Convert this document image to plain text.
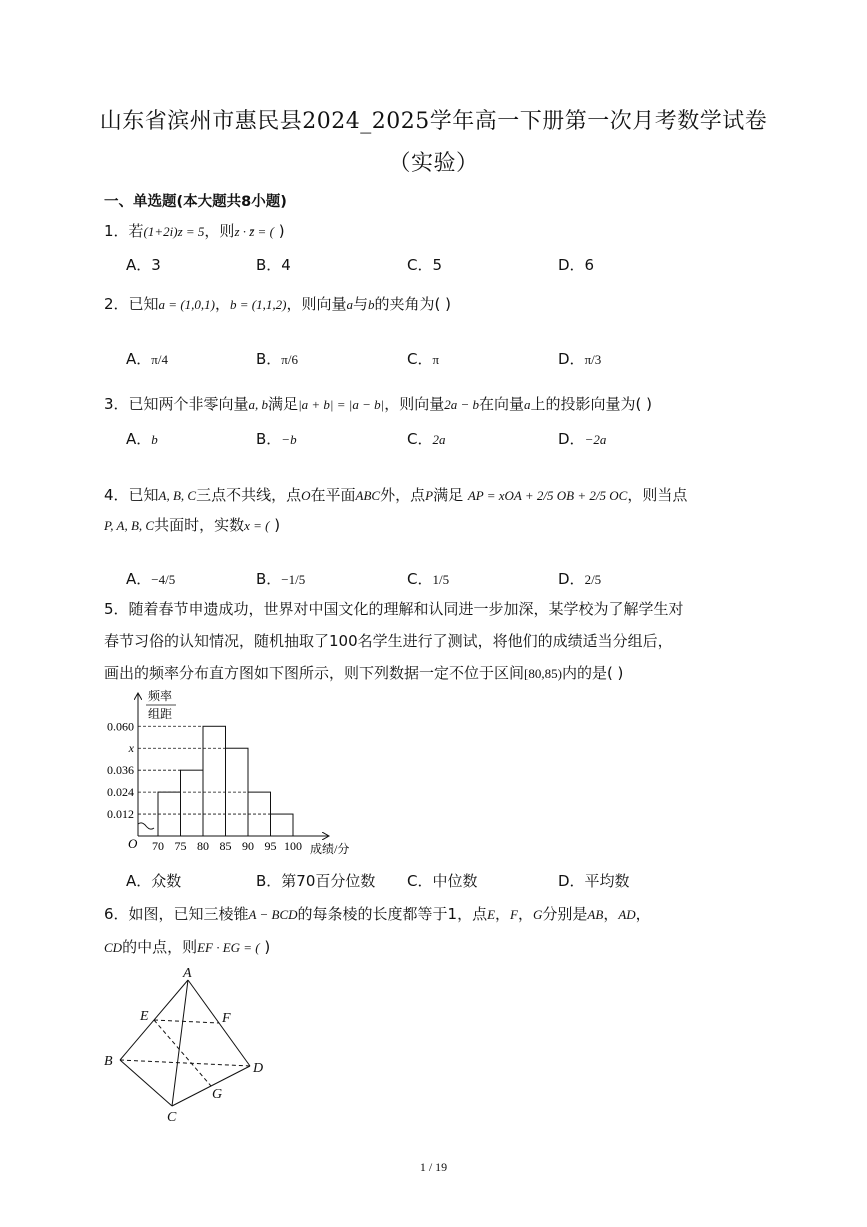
山东省滨州市惠民县2024_2025学年高一下册第一次月考数学试卷
（实验）
一、单选题(本大题共8小题)
1．若(1+2i)z = 5，则z · z̄ = ( )
A．3	B．4	C．5	D．6
2．已知a = (1,0,1)，b = (1,1,2)，则向量a与b的夹角为( )
A．π/4	B．π/6	C．π	D．π/3
3．已知两个非零向量a, b满足|a + b| = |a − b|，则向量2a − b在向量a上的投影向量为( )
A．b	B．−b	C．2a	D．−2a
4．已知A, B, C三点不共线，点O在平面ABC外，点P满足 AP = xOA + 2/5 OB + 2/5 OC，则当点
P, A, B, C共面时，实数x = ( )
A．−4/5	B．−1/5	C．1/5	D．2/5
5．随着春节申遗成功，世界对中国文化的理解和认同进一步加深，某学校为了解学生对
春节习俗的认知情况，随机抽取了100名学生进行了测试，将他们的成绩适当分组后，
画出的频率分布直方图如下图所示，则下列数据一定不位于区间[80,85)内的是( )
0.060
x
0.036
0.024
0.012
70 75 80 85 90 95 100
频率
组距
O	成绩/分
A．众数	B．第70百分位数 C．中位数	D．平均数
6．如图，已知三棱锥A − BCD的每条棱的长度都等于1，点E，F，G分别是AB，AD，
CD的中点，则EF · EG = ( )
A
B
C
D
E	F
G
1 / 19
